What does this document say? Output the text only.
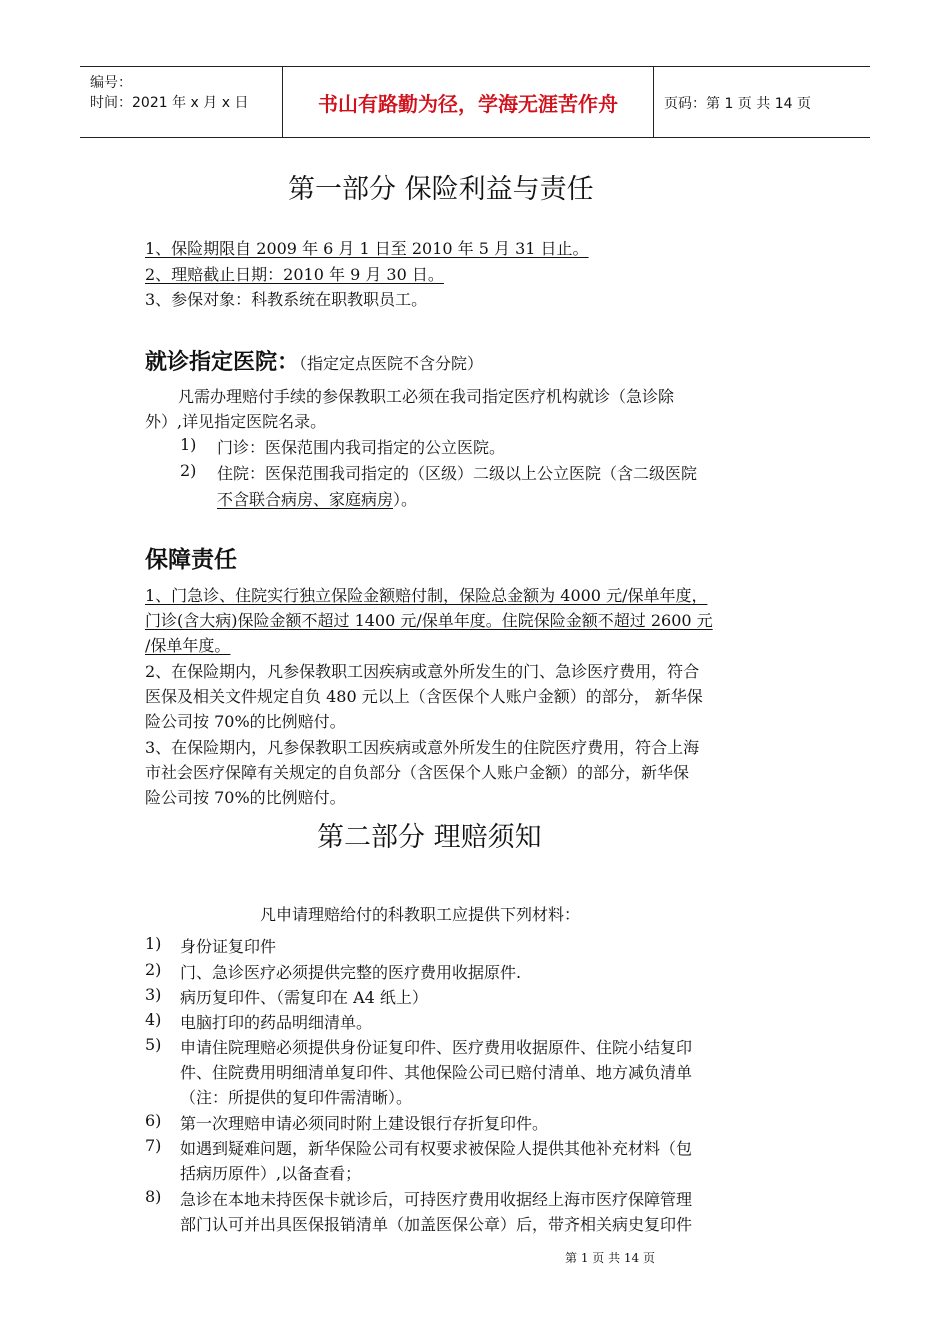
编号：
时间：2021 年 x 月 x 日	书山有路勤为径，学海无涯苦作舟	页码：第 1 页 共 14 页
第一部分 保险利益与责任
1、保险期限自 2009 年 6 月 1 日至 2010 年 5 月 31 日止。
2、理赔截止日期：2010 年 9 月 30 日。
3、参保对象：科教系统在职教职员工。
就诊指定医院：（指定定点医院不含分院）
凡需办理赔付手续的参保教职工必须在我司指定医疗机构就诊（急诊除
外）,详见指定医院名录。
1) 门诊：医保范围内我司指定的公立医院。
2) 住院：医保范围我司指定的（区级）二级以上公立医院（含二级医院
不含联合病房、家庭病房）。
保障责任
1、门急诊、住院实行独立保险金额赔付制，保险总金额为 4000 元/保单年度，
门诊(含大病)保险金额不超过 1400 元/保单年度。住院保险金额不超过 2600 元
/保单年度。
2、在保险期内，凡参保教职工因疾病或意外所发生的门、急诊医疗费用，符合
医保及相关文件规定自负 480 元以上（含医保个人账户金额）的部分， 新华保
险公司按 70%的比例赔付。
3、在保险期内，凡参保教职工因疾病或意外所发生的住院医疗费用，符合上海
市社会医疗保障有关规定的自负部分（含医保个人账户金额）的部分，新华保
险公司按 70%的比例赔付。
第二部分 理赔须知
凡申请理赔给付的科教职工应提供下列材料：
1) 身份证复印件
2) 门、急诊医疗必须提供完整的医疗费用收据原件.
3) 病历复印件、（需复印在 A4 纸上）
4) 电脑打印的药品明细清单。
5) 申请住院理赔必须提供身份证复印件、医疗费用收据原件、住院小结复印
件、住院费用明细清单复印件、其他保险公司已赔付清单、地方减负清单
（注：所提供的复印件需清晰）。
6) 第一次理赔申请必须同时附上建设银行存折复印件。
7) 如遇到疑难问题，新华保险公司有权要求被保险人提供其他补充材料（包
括病历原件）,以备查看；
8) 急诊在本地未持医保卡就诊后，可持医疗费用收据经上海市医疗保障管理
部门认可并出具医保报销清单（加盖医保公章）后，带齐相关病史复印件
第 1 页 共 14 页
